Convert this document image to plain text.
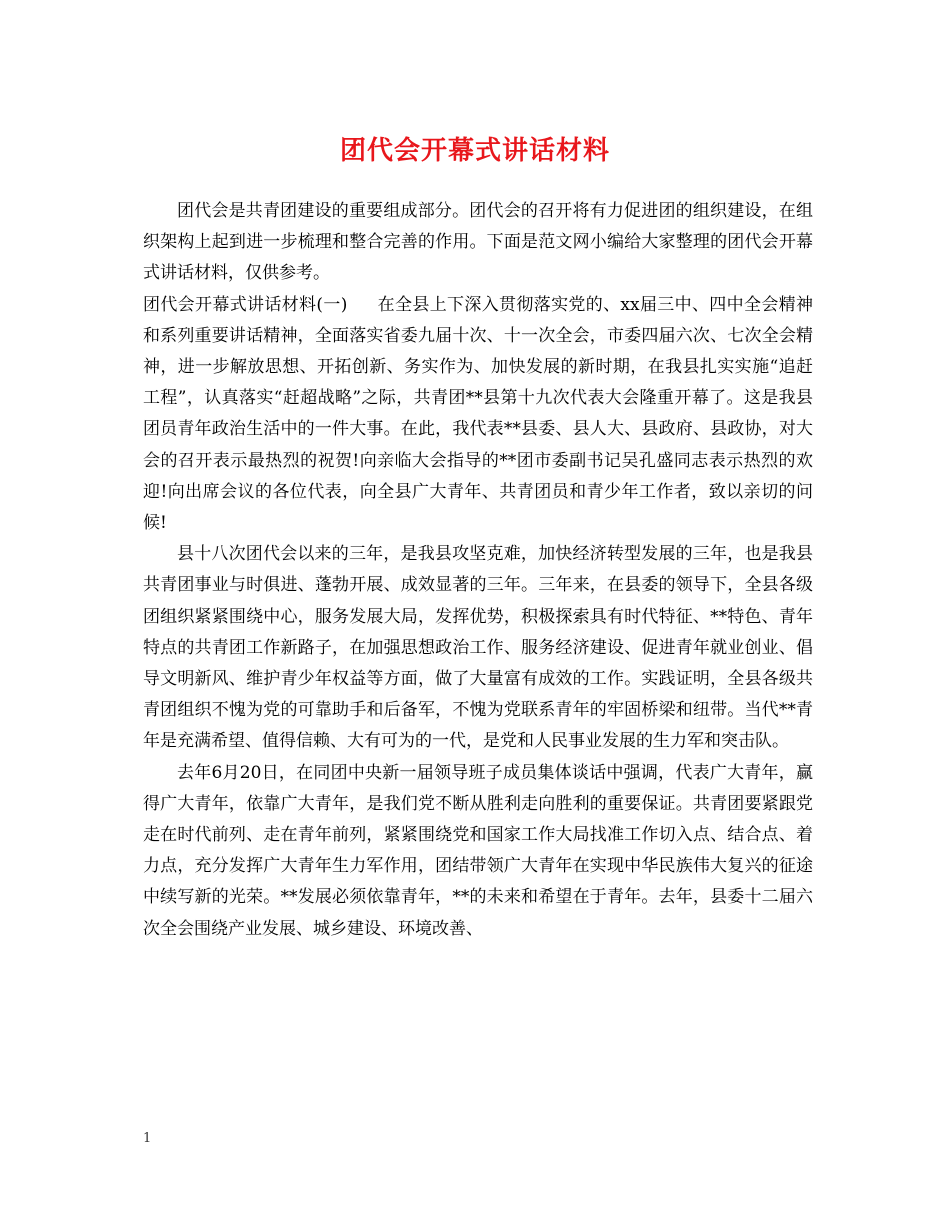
团代会开幕式讲话材料

团代会是共青团建设的重要组成部分。团代会的召开将有力促进团的组织建设，在组织架构上起到进一步梳理和整合完善的作用。下面是范文网小编给大家整理的团代会开幕式讲话材料，仅供参考。

团代会开幕式讲话材料(一) 在全县上下深入贯彻落实党的、xx届三中、四中全会精神和系列重要讲话精神，全面落实省委九届十次、十一次全会，市委四届六次、七次全会精神，进一步解放思想、开拓创新、务实作为、加快发展的新时期，在我县扎实实施“追赶工程”，认真落实“赶超战略”之际，共青团**县第十九次代表大会隆重开幕了。这是我县团员青年政治生活中的一件大事。在此，我代表**县委、县人大、县政府、县政协，对大会的召开表示最热烈的祝贺!向亲临大会指导的**团市委副书记吴孔盛同志表示热烈的欢迎!向出席会议的各位代表，向全县广大青年、共青团员和青少年工作者，致以亲切的问候!

县十八次团代会以来的三年，是我县攻坚克难，加快经济转型发展的三年，也是我县共青团事业与时俱进、蓬勃开展、成效显著的三年。三年来，在县委的领导下，全县各级团组织紧紧围绕中心，服务发展大局，发挥优势，积极探索具有时代特征、**特色、青年特点的共青团工作新路子，在加强思想政治工作、服务经济建设、促进青年就业创业、倡导文明新风、维护青少年权益等方面，做了大量富有成效的工作。实践证明，全县各级共青团组织不愧为党的可靠助手和后备军，不愧为党联系青年的牢固桥梁和纽带。当代**青年是充满希望、值得信赖、大有可为的一代，是党和人民事业发展的生力军和突击队。

去年6月20日，在同团中央新一届领导班子成员集体谈话中强调，代表广大青年，赢得广大青年，依靠广大青年，是我们党不断从胜利走向胜利的重要保证。共青团要紧跟党走在时代前列、走在青年前列，紧紧围绕党和国家工作大局找准工作切入点、结合点、着力点，充分发挥广大青年生力军作用，团结带领广大青年在实现中华民族伟大复兴的征途中续写新的光荣。**发展必须依靠青年，**的未来和希望在于青年。去年，县委十二届六次全会围绕产业发展、城乡建设、环境改善、

1
